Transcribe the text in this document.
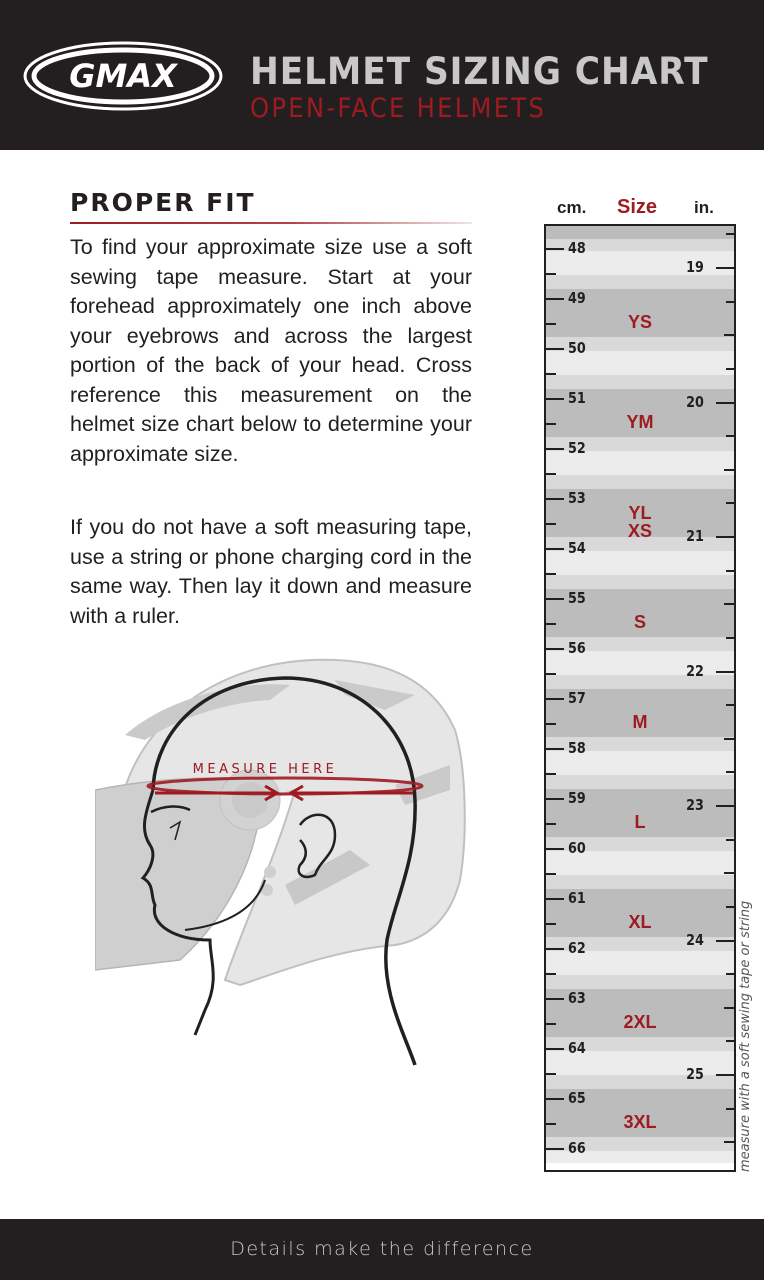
GMAX HELMET SIZING CHART
OPEN-FACE HELMETS
PROPER FIT

To find your approximate size use a soft sewing tape measure. Start at your forehead approximately one inch above your eyebrows and across the largest portion of the back of your head. Cross reference this measurement on the helmet size chart below to determine your approximate size.

If you do not have a soft measuring tape, use a string or phone charging cord in the same way. Then lay it down and measure with a ruler.

MEASURE HERE
cm. Size in.
YS
YM
YL
XS
S
M
L
XL
2XL
3XL
48
49
50
51
52
53
54
55
56
57
58
59
60
61
62
63
64
65
66
19
20
21
22
23
24
25	measure with a soft sewing tape or string
Details make the difference
